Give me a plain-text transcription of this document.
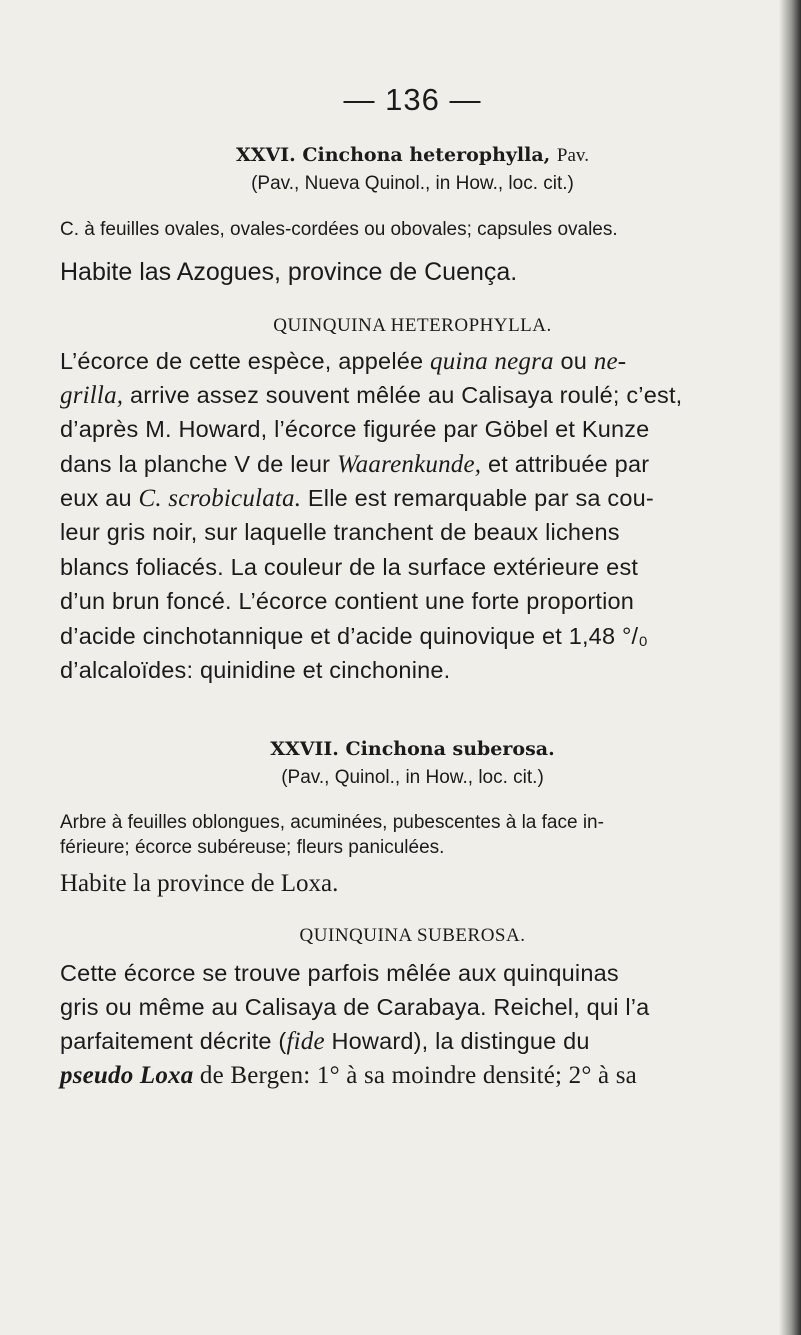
— 136 —
XXVI. Cinchona heterophylla, Pav.
(Pav., Nueva Quinol., in How., loc. cit.)
C. à feuilles ovales, ovales-cordées ou obovales; capsules ovales.
Habite las Azogues, province de Cuença.
QUINQUINA HETEROPHYLLA.
L’écorce de cette espèce, appelée quina negra ou ne-
grilla, arrive assez souvent mêlée au Calisaya roulé; c’est,
d’après M. Howard, l’écorce figurée par Göbel et Kunze
dans la planche V de leur Waarenkunde, et attribuée par
eux au C. scrobiculata. Elle est remarquable par sa cou-
leur gris noir, sur laquelle tranchent de beaux lichens
blancs foliacés. La couleur de la surface extérieure est
d’un brun foncé. L’écorce contient une forte proportion
d’acide cinchotannique et d’acide quinovique et 1,48 °/₀
d’alcaloïdes: quinidine et cinchonine.
XXVII. Cinchona suberosa.
(Pav., Quinol., in How., loc. cit.)
Arbre à feuilles oblongues, acuminées, pubescentes à la face in-
férieure; écorce subéreuse; fleurs paniculées.
Habite la province de Loxa.
QUINQUINA SUBEROSA.
Cette écorce se trouve parfois mêlée aux quinquinas
gris ou même au Calisaya de Carabaya. Reichel, qui l’a
parfaitement décrite (fide Howard), la distingue du
pseudo Loxa de Bergen: 1° à sa moindre densité; 2° à sa
